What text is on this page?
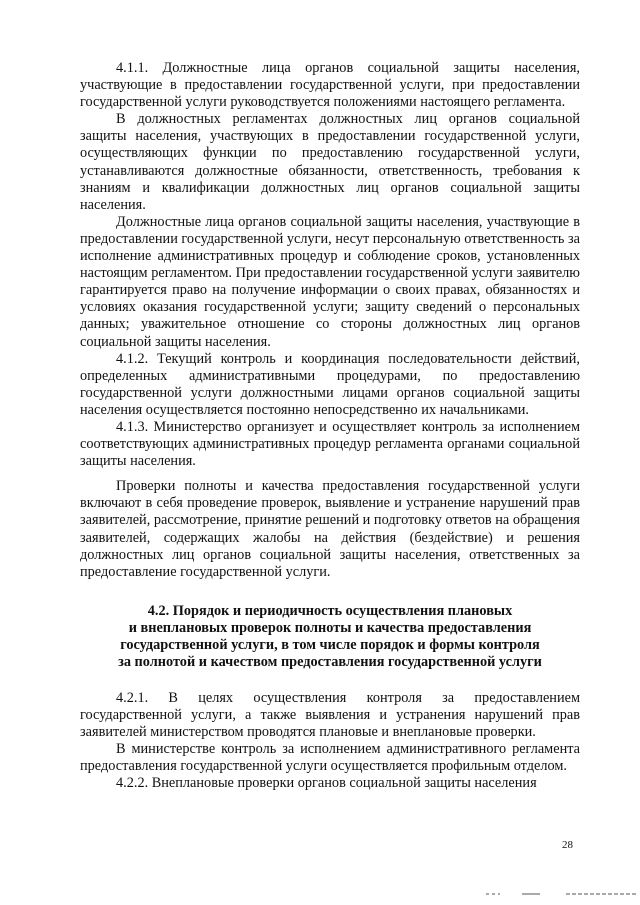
4.1.1. Должностные лица органов социальной защиты населения, участвующие в предоставлении государственной услуги, при предоставлении государственной услуги руководствуется положениями настоящего регламента.

В должностных регламентах должностных лиц органов социальной защиты населения, участвующих в предоставлении государственной услуги, осуществляющих функции по предоставлению государственной услуги, устанавливаются должностные обязанности, ответственность, требования к знаниям и квалификации должностных лиц органов социальной защиты населения.

Должностные лица органов социальной защиты населения, участвующие в предоставлении государственной услуги, несут персональную ответственность за исполнение административных процедур и соблюдение сроков, установленных настоящим регламентом. При предоставлении государственной услуги заявителю гарантируется право на получение информации о своих правах, обязанностях и условиях оказания государственной услуги; защиту сведений о персональных данных; уважительное отношение со стороны должностных лиц органов социальной защиты населения.

4.1.2. Текущий контроль и координация последовательности действий, определенных административными процедурами, по предоставлению государственной услуги должностными лицами органов социальной защиты населения осуществляется постоянно непосредственно их начальниками.

4.1.3. Министерство организует и осуществляет контроль за исполнением соответствующих административных процедур регламента органами социальной защиты населения.

Проверки полноты и качества предоставления государственной услуги включают в себя проведение проверок, выявление и устранение нарушений прав заявителей, рассмотрение, принятие решений и подготовку ответов на обращения заявителей, содержащих жалобы на действия (бездействие) и решения должностных лиц органов социальной защиты населения, ответственных за предоставление государственной услуги.

4.2. Порядок и периодичность осуществления плановых
и внеплановых проверок полноты и качества предоставления
государственной услуги, в том числе порядок и формы контроля
за полнотой и качеством предоставления государственной услуги

4.2.1. В целях осуществления контроля за предоставлением государственной услуги, а также выявления и устранения нарушений прав заявителей министерством проводятся плановые и внеплановые проверки.

В министерстве контроль за исполнением административного регламента предоставления государственной услуги осуществляется профильным отделом.

4.2.2. Внеплановые проверки органов социальной защиты населения

28
